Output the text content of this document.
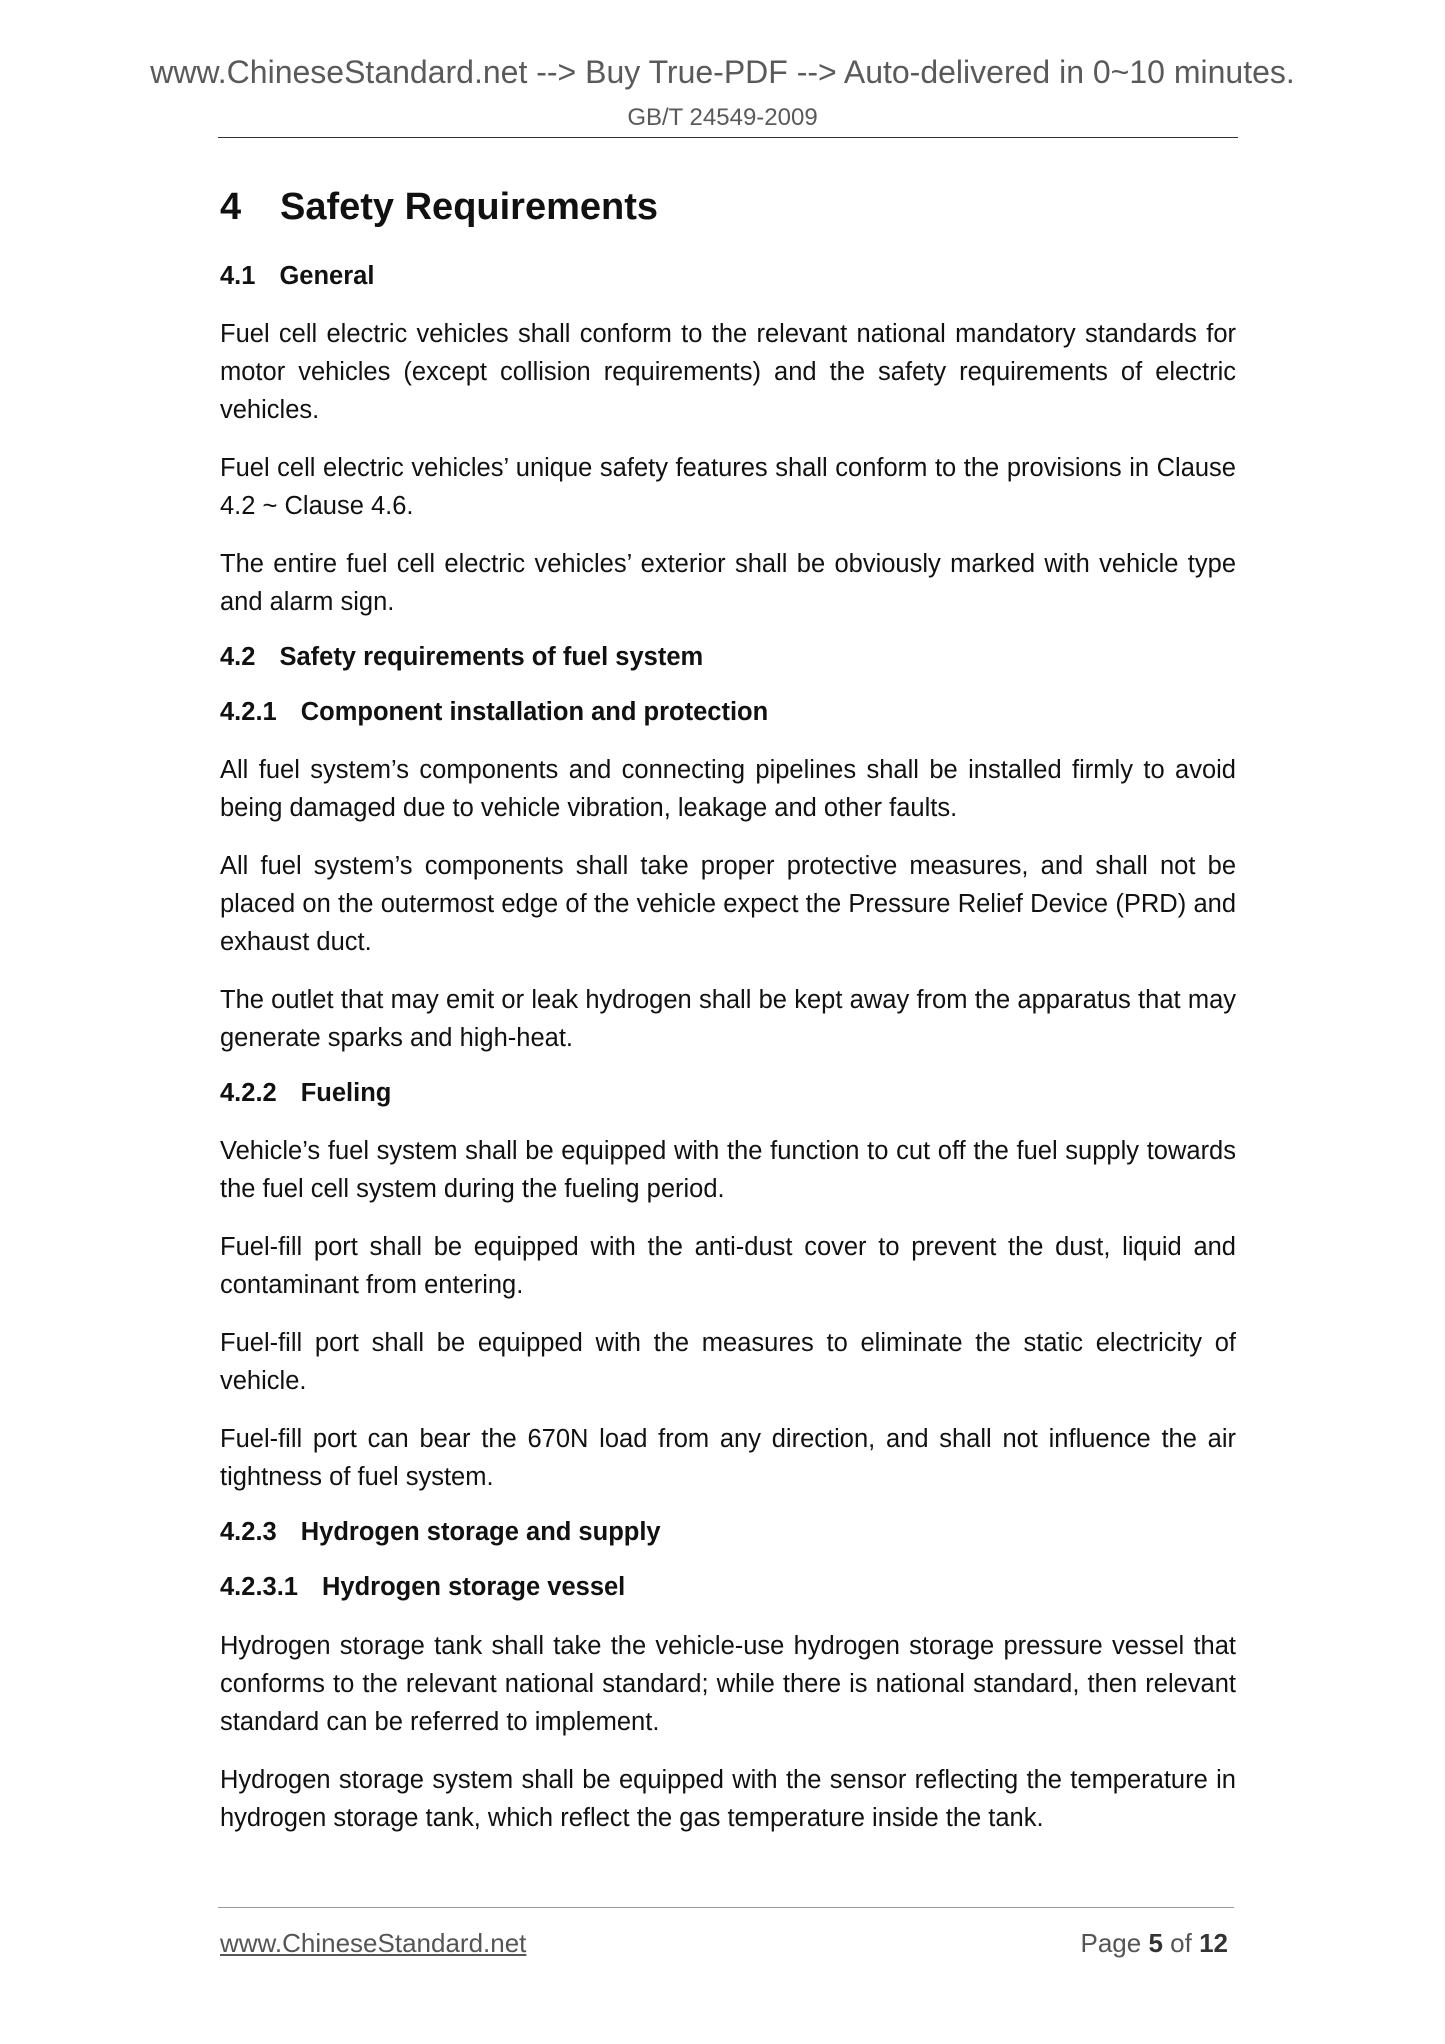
www.ChineseStandard.net --> Buy True-PDF --> Auto-delivered in 0~10 minutes.
GB/T 24549-2009
4 Safety Requirements
4.1 General

Fuel cell electric vehicles shall conform to the relevant national mandatory standards for motor vehicles (except collision requirements) and the safety requirements of electric vehicles.

Fuel cell electric vehicles’ unique safety features shall conform to the provisions in Clause 4.2 ~ Clause 4.6.

The entire fuel cell electric vehicles’ exterior shall be obviously marked with vehicle type and alarm sign.

4.2 Safety requirements of fuel system
4.2.1 Component installation and protection

All fuel system’s components and connecting pipelines shall be installed firmly to avoid being damaged due to vehicle vibration, leakage and other faults.

All fuel system’s components shall take proper protective measures, and shall not be placed on the outermost edge of the vehicle expect the Pressure Relief Device (PRD) and exhaust duct.

The outlet that may emit or leak hydrogen shall be kept away from the apparatus that may generate sparks and high-heat.

4.2.2 Fueling

Vehicle’s fuel system shall be equipped with the function to cut off the fuel supply towards the fuel cell system during the fueling period.

Fuel-fill port shall be equipped with the anti-dust cover to prevent the dust, liquid and contaminant from entering.

Fuel-fill port shall be equipped with the measures to eliminate the static electricity of vehicle.

Fuel-fill port can bear the 670N load from any direction, and shall not influence the air tightness of fuel system.

4.2.3 Hydrogen storage and supply
4.2.3.1 Hydrogen storage vessel

Hydrogen storage tank shall take the vehicle-use hydrogen storage pressure vessel that conforms to the relevant national standard; while there is national standard, then relevant standard can be referred to implement.

Hydrogen storage system shall be equipped with the sensor reflecting the temperature in hydrogen storage tank, which reflect the gas temperature inside the tank.

www.ChineseStandard.net	Page 5 of 12
